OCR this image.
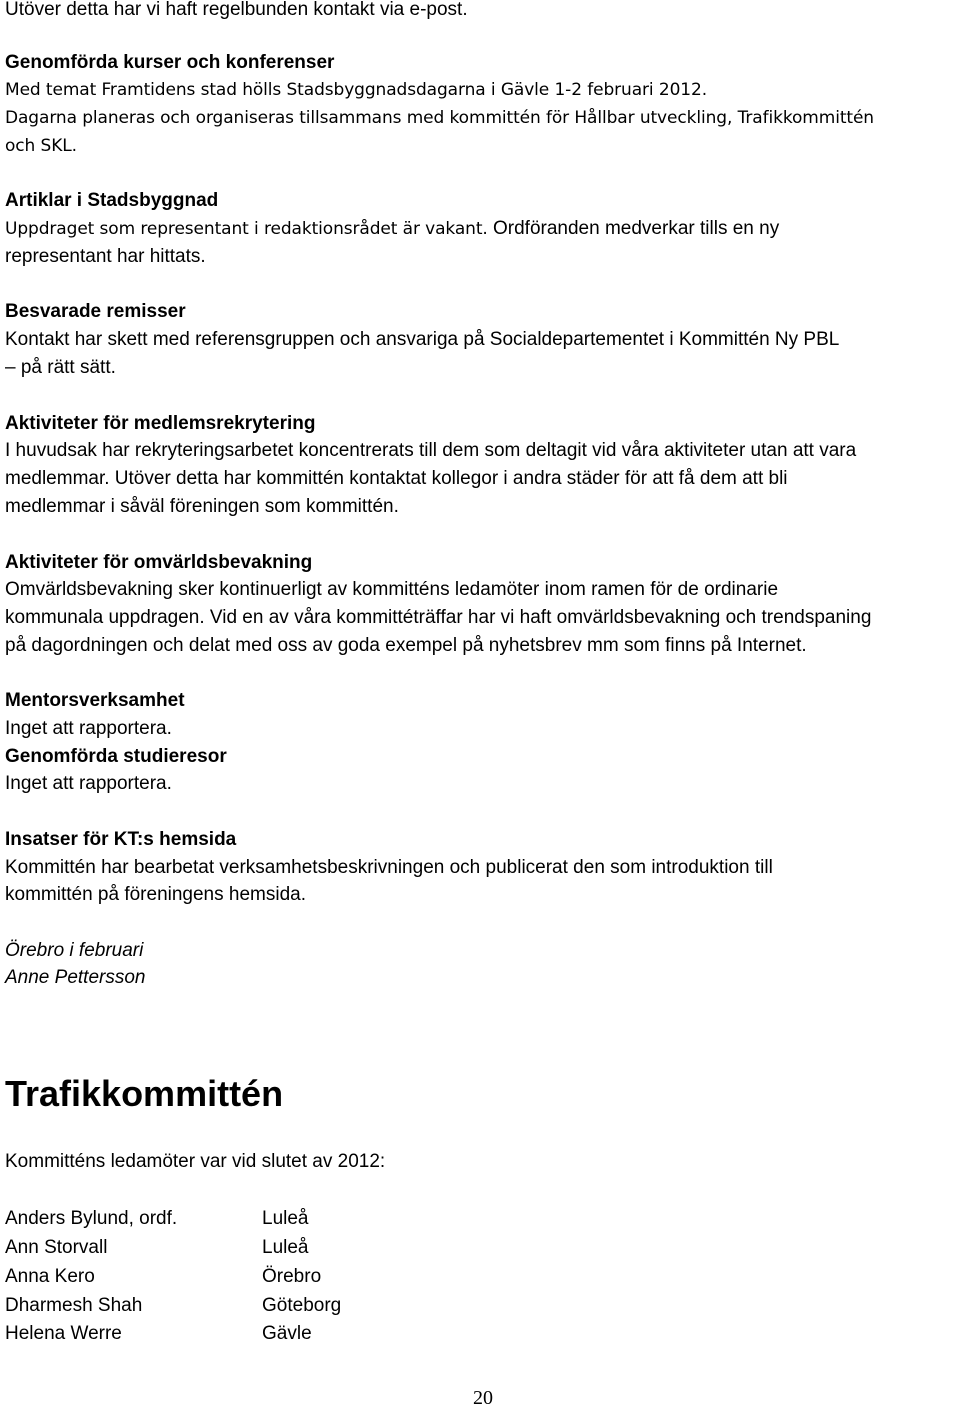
Utöver detta har vi haft regelbunden kontakt via e-post.
Genomförda kurser och konferenser
Med temat Framtidens stad hölls Stadsbyggnadsdagarna i Gävle 1-2 februari 2012.
Dagarna planeras och organiseras tillsammans med kommittén för Hållbar utveckling, Trafikkommittén
och SKL.
Artiklar i Stadsbyggnad
Uppdraget som representant i redaktionsrådet är vakant. Ordföranden medverkar tills en ny
representant har hittats.
Besvarade remisser
Kontakt har skett med referensgruppen och ansvariga på Socialdepartementet i Kommittén Ny PBL
– på rätt sätt.
Aktiviteter för medlemsrekrytering
I huvudsak har rekryteringsarbetet koncentrerats till dem som deltagit vid våra aktiviteter utan att vara
medlemmar. Utöver detta har kommittén kontaktat kollegor i andra städer för att få dem att bli
medlemmar i såväl föreningen som kommittén.
Aktiviteter för omvärldsbevakning
Omvärldsbevakning sker kontinuerligt av kommitténs ledamöter inom ramen för de ordinarie
kommunala uppdragen. Vid en av våra kommittéträffar har vi haft omvärldsbevakning och trendspaning
på dagordningen och delat med oss av goda exempel på nyhetsbrev mm som finns på Internet.
Mentorsverksamhet
Inget att rapportera.
Genomförda studieresor
Inget att rapportera.
Insatser för KT:s hemsida
Kommittén har bearbetat verksamhetsbeskrivningen och publicerat den som introduktion till
kommittén på föreningens hemsida.
Örebro i februari
Anne Pettersson
Trafikkommittén
Kommitténs ledamöter var vid slutet av 2012:
Anders Bylund, ordf.	Luleå
Ann Storvall	Luleå
Anna Kero	Örebro
Dharmesh Shah	Göteborg
Helena Werre	Gävle
20
